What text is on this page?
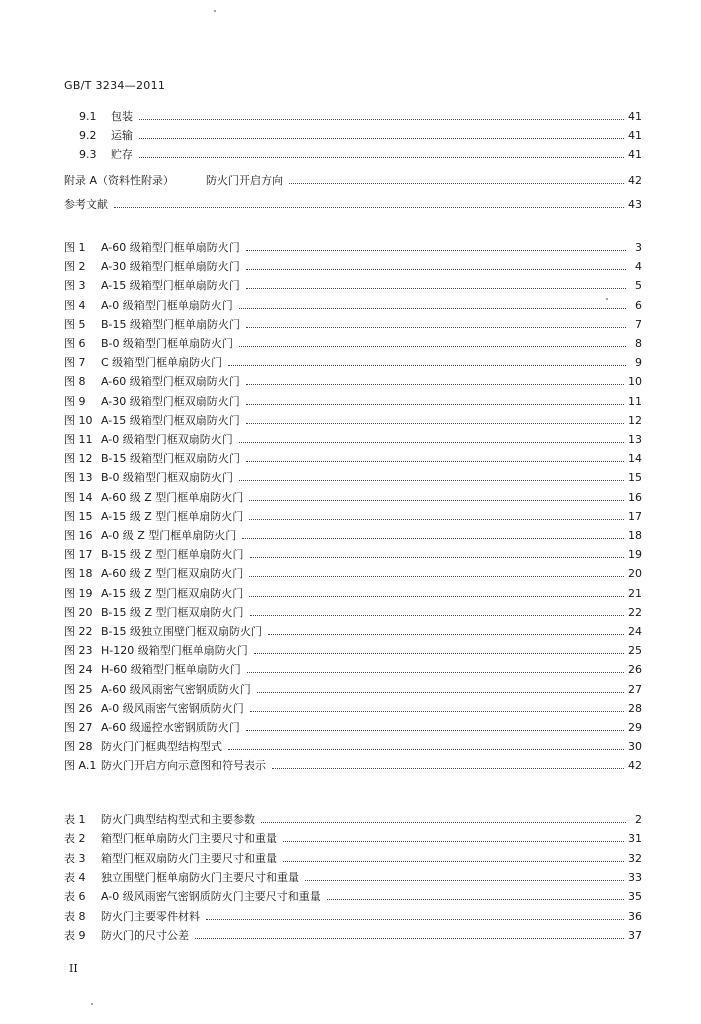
GB/T 3234—2011
9.1	包装	41
9.2	运输	41
9.3	贮存	41
附录 A（资料性附录）	防火门开启方向	42
参考文献	43
图 1	A-60 级箱型门框单扇防火门	3
图 2	A-30 级箱型门框单扇防火门	4
图 3	A-15 级箱型门框单扇防火门	5
图 4	A-0 级箱型门框单扇防火门	6
图 5	B-15 级箱型门框单扇防火门	7
图 6	B-0 级箱型门框单扇防火门	8
图 7	C 级箱型门框单扇防火门	9
图 8	A-60 级箱型门框双扇防火门	10
图 9	A-30 级箱型门框双扇防火门	11
图 10 A-15 级箱型门框双扇防火门	12
图 11 A-0 级箱型门框双扇防火门	13
图 12 B-15 级箱型门框双扇防火门	14
图 13 B-0 级箱型门框双扇防火门	15
图 14 A-60 级 Z 型门框单扇防火门	16
图 15 A-15 级 Z 型门框单扇防火门	17
图 16 A-0 级 Z 型门框单扇防火门	18
图 17 B-15 级 Z 型门框单扇防火门	19
图 18 A-60 级 Z 型门框双扇防火门	20
图 19 A-15 级 Z 型门框双扇防火门	21
图 20 B-15 级 Z 型门框双扇防火门	22
图 22 B-15 级独立围壁门框双扇防火门	24
图 23 H-120 级箱型门框单扇防火门	25
图 24 H-60 级箱型门框单扇防火门	26
图 25 A-60 级风雨密气密钢质防火门	27
图 26 A-0 级风雨密气密钢质防火门	28
图 27 A-60 级遥控水密钢质防火门	29
图 28 防火门门框典型结构型式	30
图 A.1 防火门开启方向示意图和符号表示	42
表 1	防火门典型结构型式和主要参数	2
表 2	箱型门框单扇防火门主要尺寸和重量	31
表 3	箱型门框双扇防火门主要尺寸和重量	32
表 4	独立围壁门框单扇防火门主要尺寸和重量	33
表 6	A-0 级风雨密气密钢质防火门主要尺寸和重量	35
表 8	防火门主要零件材料	36
表 9	防火门的尺寸公差	37
II
